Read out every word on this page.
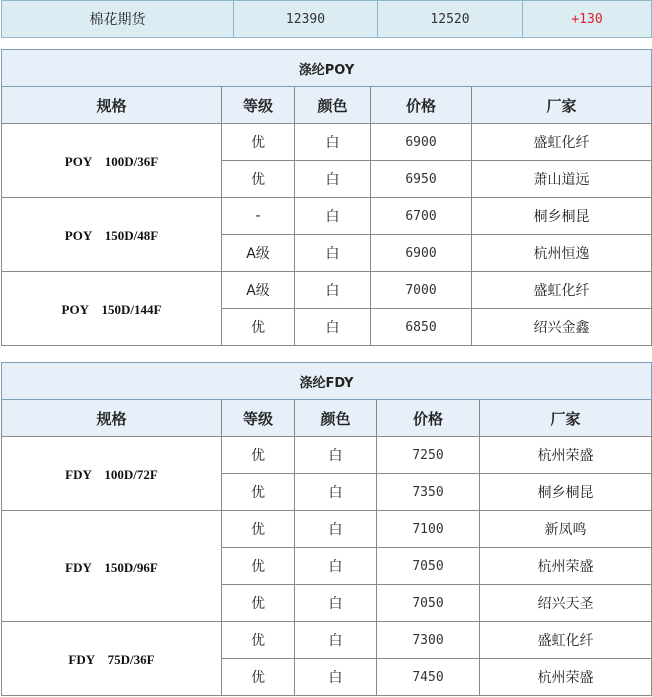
棉花期货	12390	12520	+130
涤纶POY				
规格	等级	颜色	价格	厂家
POY　100D/36F	优	白	6900	盛虹化纤
	优	白	6950	萧山道远
POY　150D/48F	-	白	6700	桐乡桐昆
	A级	白	6900	杭州恒逸
POY　150D/144F	A级	白	7000	盛虹化纤
	优	白	6850	绍兴金鑫
涤纶FDY				
规格	等级	颜色	价格	厂家
FDY　100D/72F	优	白	7250	杭州荣盛
	优	白	7350	桐乡桐昆
FDY　150D/96F	优	白	7100	新凤鸣
	优	白	7050	杭州荣盛
	优	白	7050	绍兴天圣
FDY　75D/36F	优	白	7300	盛虹化纤
	优	白	7450	杭州荣盛
